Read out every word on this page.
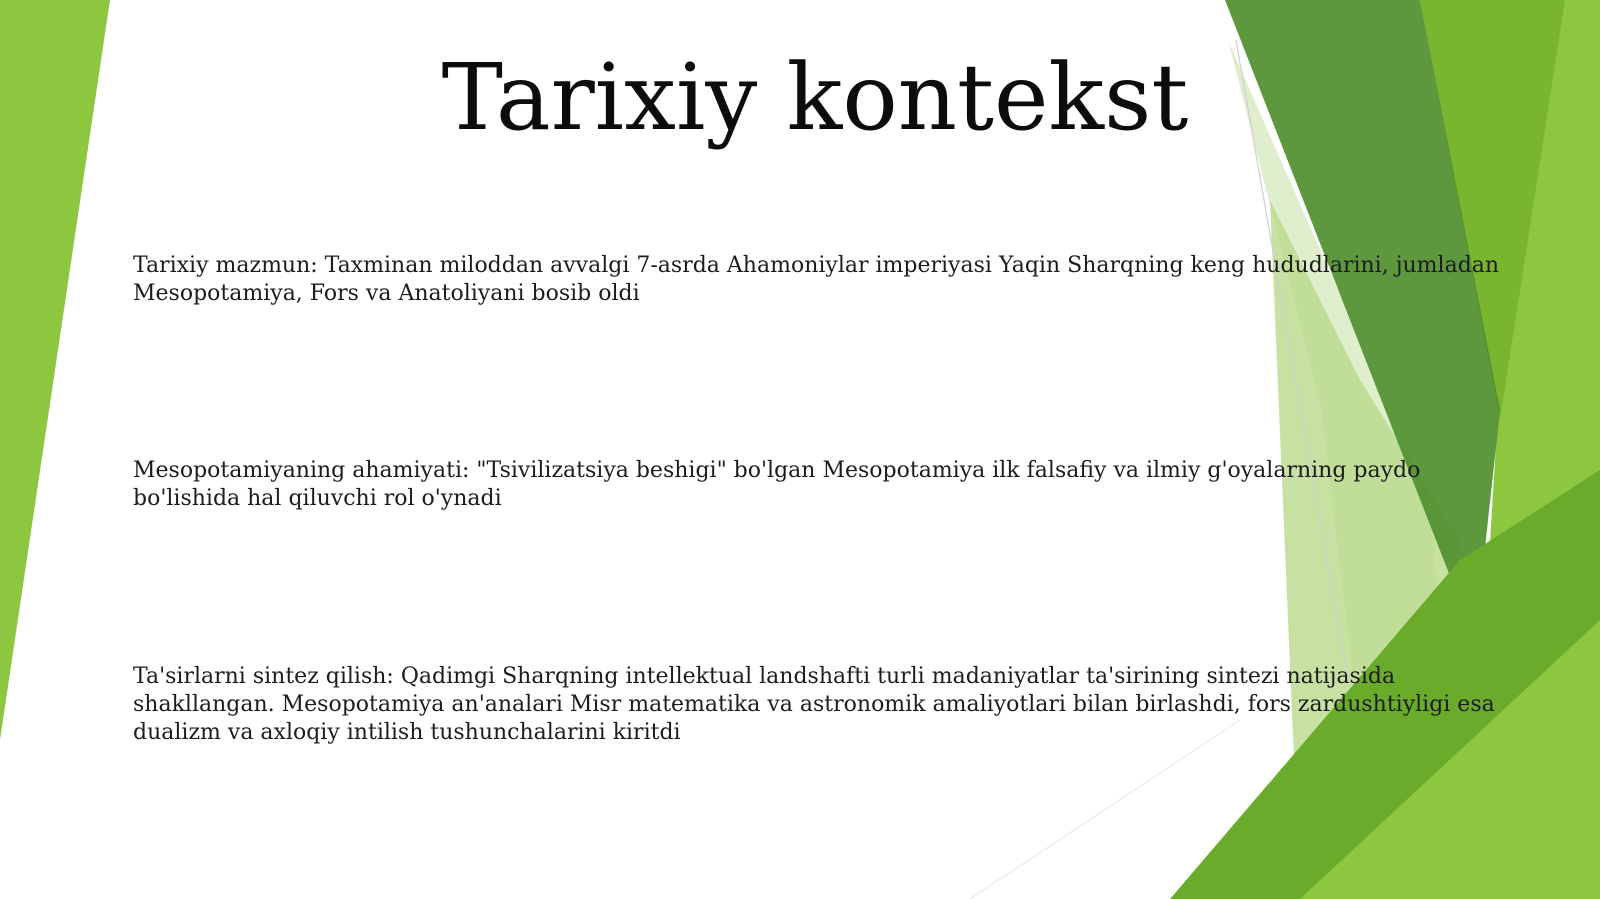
Tarixiy kontekst
Tarixiy mazmun: Taxminan miloddan avvalgi 7-asrda Ahamoniylar imperiyasi Yaqin Sharqning keng hududlarini, jumladan Mesopotamiya, Fors va Anatoliyani bosib oldi
Mesopotamiyaning ahamiyati: "Tsivilizatsiya beshigi" bo'lgan Mesopotamiya ilk falsafiy va ilmiy g'oyalarning paydo bo'lishida hal qiluvchi rol o'ynadi
Ta'sirlarni sintez qilish: Qadimgi Sharqning intellektual landshafti turli madaniyatlar ta'sirining sintezi natijasida shakllangan. Mesopotamiya an'analari Misr matematika va astronomik amaliyotlari bilan birlashdi, fors zardushtiyligi esa dualizm va axloqiy intilish tushunchalarini kiritdi
